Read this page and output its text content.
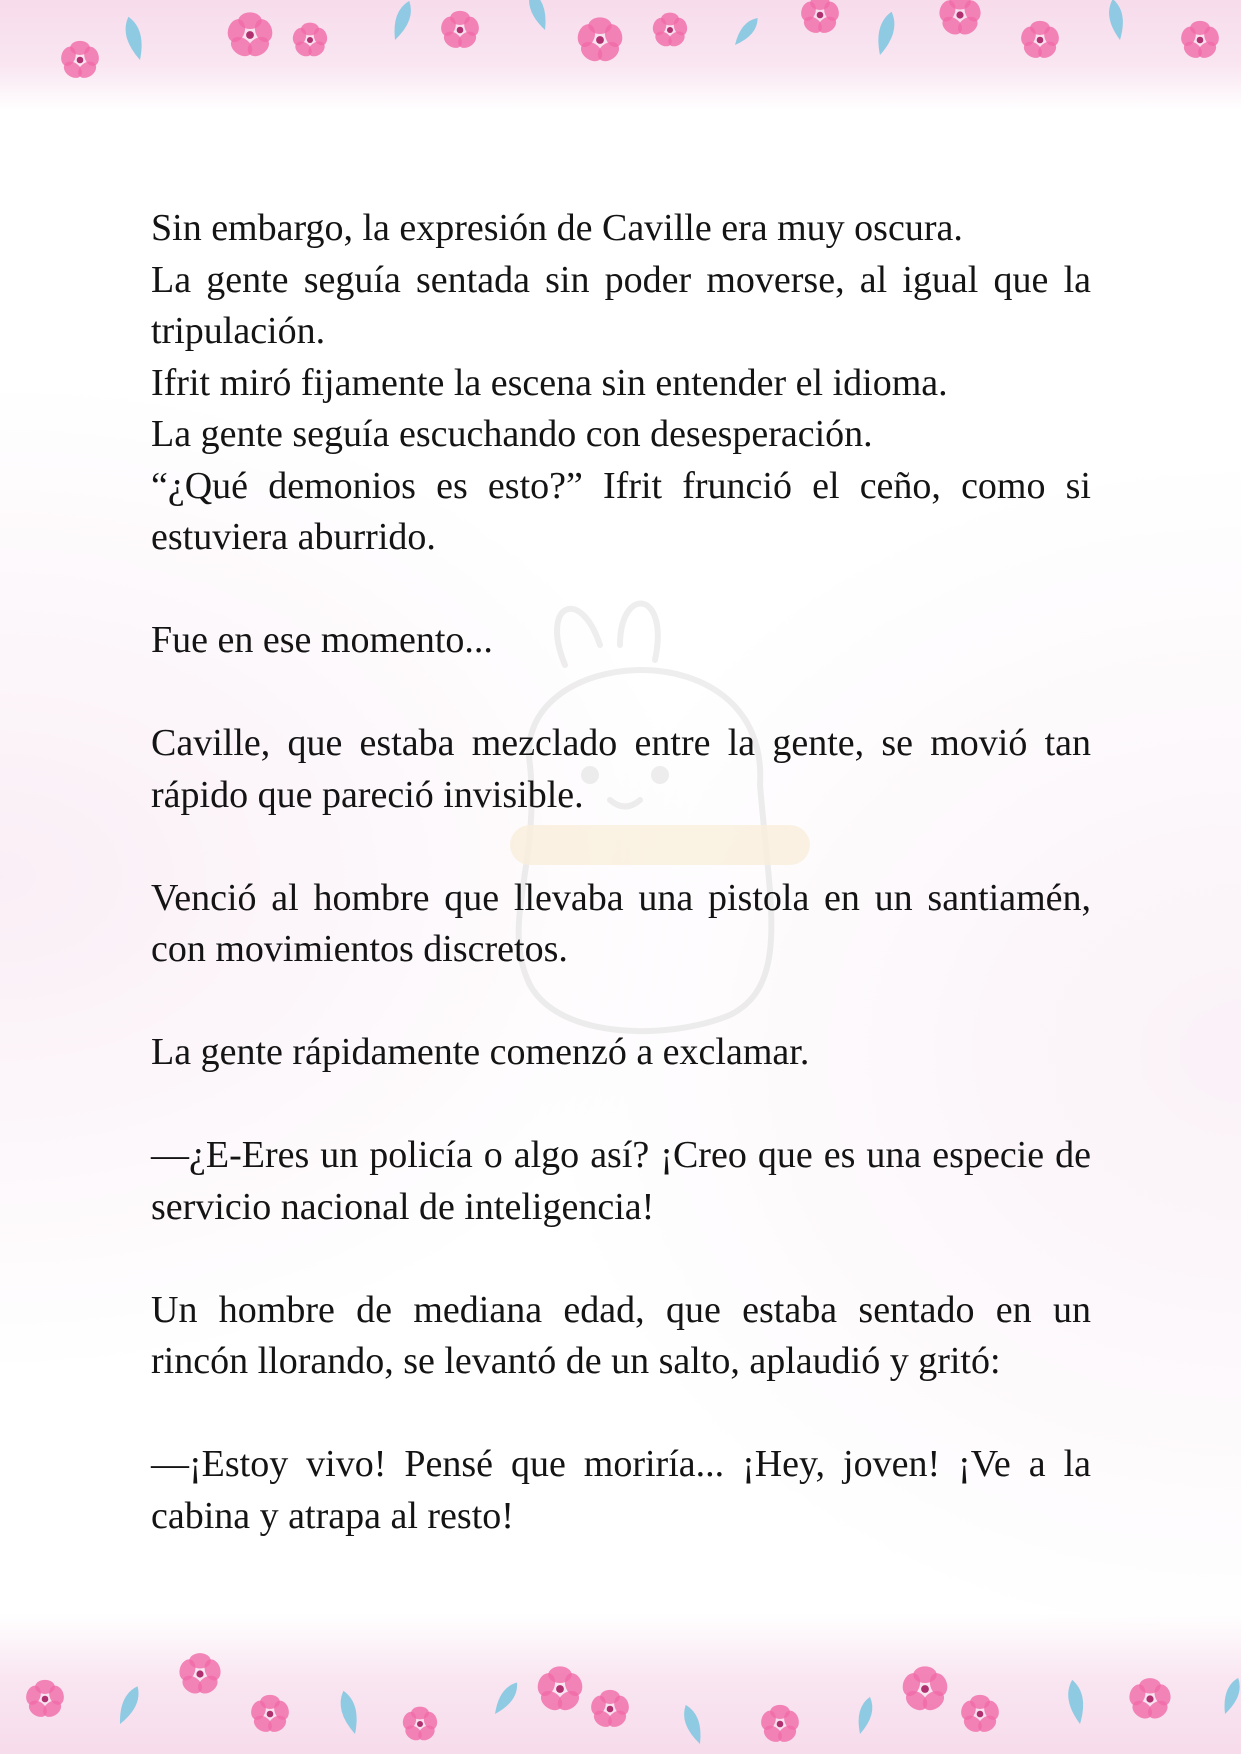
Sin embargo, la expresión de Caville era muy oscura.

La gente seguía sentada sin poder moverse, al igual que la tripulación.

Ifrit miró fijamente la escena sin entender el idioma.

La gente seguía escuchando con desesperación.

“¿Qué demonios es esto?” Ifrit frunció el ceño, como si estuviera aburrido.

Fue en ese momento...

Caville, que estaba mezclado entre la gente, se movió tan rápido que pareció invisible.

Venció al hombre que llevaba una pistola en un santiamén, con movimientos discretos.

La gente rápidamente comenzó a exclamar.

—¿E-Eres un policía o algo así? ¡Creo que es una especie de servicio nacional de inteligencia!

Un hombre de mediana edad, que estaba sentado en un rincón llorando, se levantó de un salto, aplaudió y gritó:

—¡Estoy vivo! Pensé que moriría... ¡Hey, joven! ¡Ve a la cabina y atrapa al resto!
